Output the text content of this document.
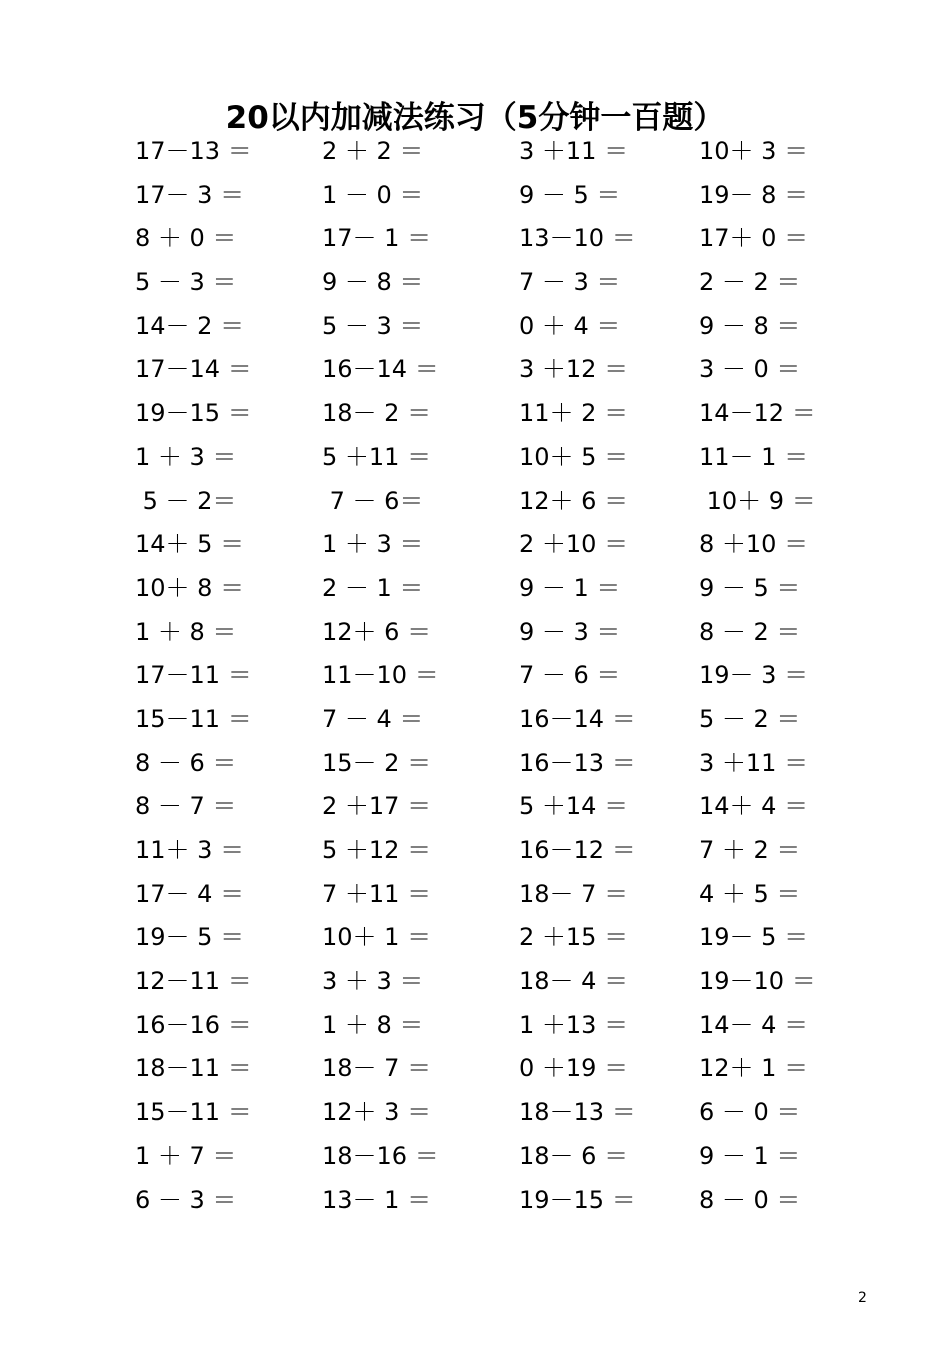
20以内加减法练习（5分钟一百题）
17－13 ＝	2 ＋ 2 ＝	3 ＋11 ＝	10＋ 3 ＝
17－ 3 ＝	1 － 0 ＝	9 － 5 ＝	19－ 8 ＝
8 ＋ 0 ＝	17－ 1 ＝	13－10 ＝	17＋ 0 ＝
5 － 3 ＝	9 － 8 ＝	7 － 3 ＝	2 － 2 ＝
14－ 2 ＝	5 － 3 ＝	0 ＋ 4 ＝	9 － 8 ＝
17－14 ＝	16－14 ＝	3 ＋12 ＝	3 － 0 ＝
19－15 ＝	18－ 2 ＝	11＋ 2 ＝	14－12 ＝
1 ＋ 3 ＝	5 ＋11 ＝	10＋ 5 ＝	11－ 1 ＝
5 － 2＝	7 － 6＝	12＋ 6 ＝	10＋ 9 ＝
14＋ 5 ＝	1 ＋ 3 ＝	2 ＋10 ＝	8 ＋10 ＝
10＋ 8 ＝	2 － 1 ＝	9 － 1 ＝	9 － 5 ＝
1 ＋ 8 ＝	12＋ 6 ＝	9 － 3 ＝	8 － 2 ＝
17－11 ＝	11－10 ＝	7 － 6 ＝	19－ 3 ＝
15－11 ＝	7 － 4 ＝	16－14 ＝	5 － 2 ＝
8 － 6 ＝	15－ 2 ＝	16－13 ＝	3 ＋11 ＝
8 － 7 ＝	2 ＋17 ＝	5 ＋14 ＝	14＋ 4 ＝
11＋ 3 ＝	5 ＋12 ＝	16－12 ＝	7 ＋ 2 ＝
17－ 4 ＝	7 ＋11 ＝	18－ 7 ＝	4 ＋ 5 ＝
19－ 5 ＝	10＋ 1 ＝	2 ＋15 ＝	19－ 5 ＝
12－11 ＝	3 ＋ 3 ＝	18－ 4 ＝	19－10 ＝
16－16 ＝	1 ＋ 8 ＝	1 ＋13 ＝	14－ 4 ＝
18－11 ＝	18－ 7 ＝	0 ＋19 ＝	12＋ 1 ＝
15－11 ＝	12＋ 3 ＝	18－13 ＝	6 － 0 ＝
1 ＋ 7 ＝	18－16 ＝	18－ 6 ＝	9 － 1 ＝
6 － 3 ＝	13－ 1 ＝	19－15 ＝	8 － 0 ＝
2
